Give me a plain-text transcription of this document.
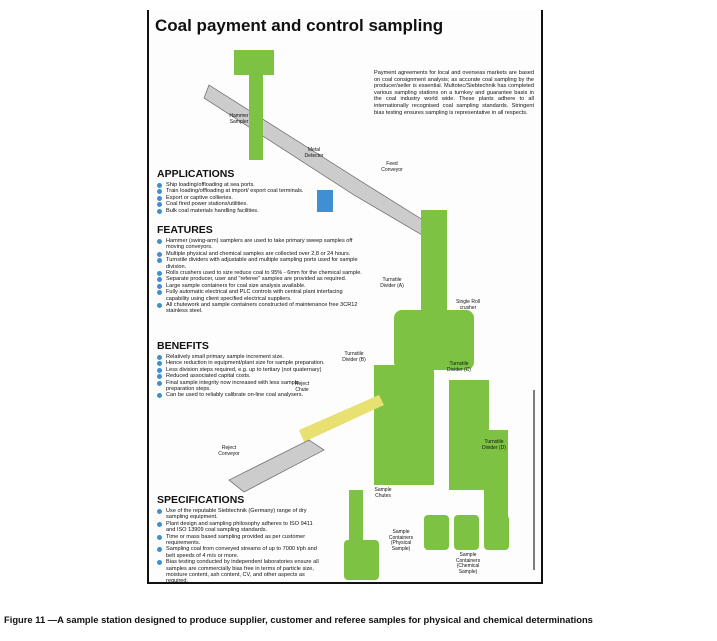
Coal payment and control sampling
Payment agreements for local and overseas markets are based on coal consignment analysis; as accurate coal sampling by the producer/seller is essential. Multotec/Siebtechnik has completed various sampling stations on a turnkey and guarantee basis in the coal industry world wide. These plants adhere to all internationally recognised coal sampling standards. Stringent bias testing ensures sampling is representative in all respects.
APPLICATIONS
Ship loading/offloading at sea ports.
Train loading/offloading at import/ export coal terminals.
Export or captive collieries.
Coal fired power stations/utilities.
Bulk coal materials handling facilities.
FEATURES
Hammer (swing-arm) samplers are used to take primary sweep samples off moving conveyors.
Multiple physical and chemical samples are collected over 2,8 or 24 hours.
Turnstile dividers with adjustable and multiple sampling ports used for sample division.
Rolls crushers used to size reduce coal to 95% - 6mm for the chemical sample.
Separate producer, user and "referee" samples are provided as required.
Large sample containers for coal size analysis available.
Fully automatic electrical and PLC controls with central plant interfacing capability using client specified electrical suppliers.
All chutework and sample containers constructed of maintenance free 3CR12 stainless steel.
BENEFITS
Relatively small primary sample increment size.
Hence reduction in equipment/plant size for sample preparation.
Less division steps required, e.g. up to tertiary (not quaternary)
Reduced associated capital costs.
Final sample integrity now increased with less sample preparation steps.
Can be used to reliably calibrate on-line coal analysers.
SPECIFICATIONS
Use of the reputable Siebtechnik (Germany) range of dry sampling equipment.
Plant design and sampling philosophy adheres to ISO 9411 and ISO 13909 coal sampling standards.
Time or mass based sampling provided as per customer requirements.
Sampling coal from conveyed streams of up to 7000 t/ph and belt speeds of 4 m/s or more.
Bias testing conducted by independent laboratories ensure all samples are commercially bias free in terms of particle size, moisture content, ash content, CV, and other aspects as required.
Hammer Sampler
Metal Detector
Feed Conveyor
Turnstile Divider (A)
Single Roll crusher
Turnstile Divider (B)
Reject Chute
Turnstile Divider (C)
Turnstile Divider (D)
Reject Conveyor
Sample Chutes
Sample Containers (Physical Sample)
Sample Containers (Chemical Sample)
Figure 11 —A sample station designed to produce supplier, customer and referee samples for physical and chemical determinations
